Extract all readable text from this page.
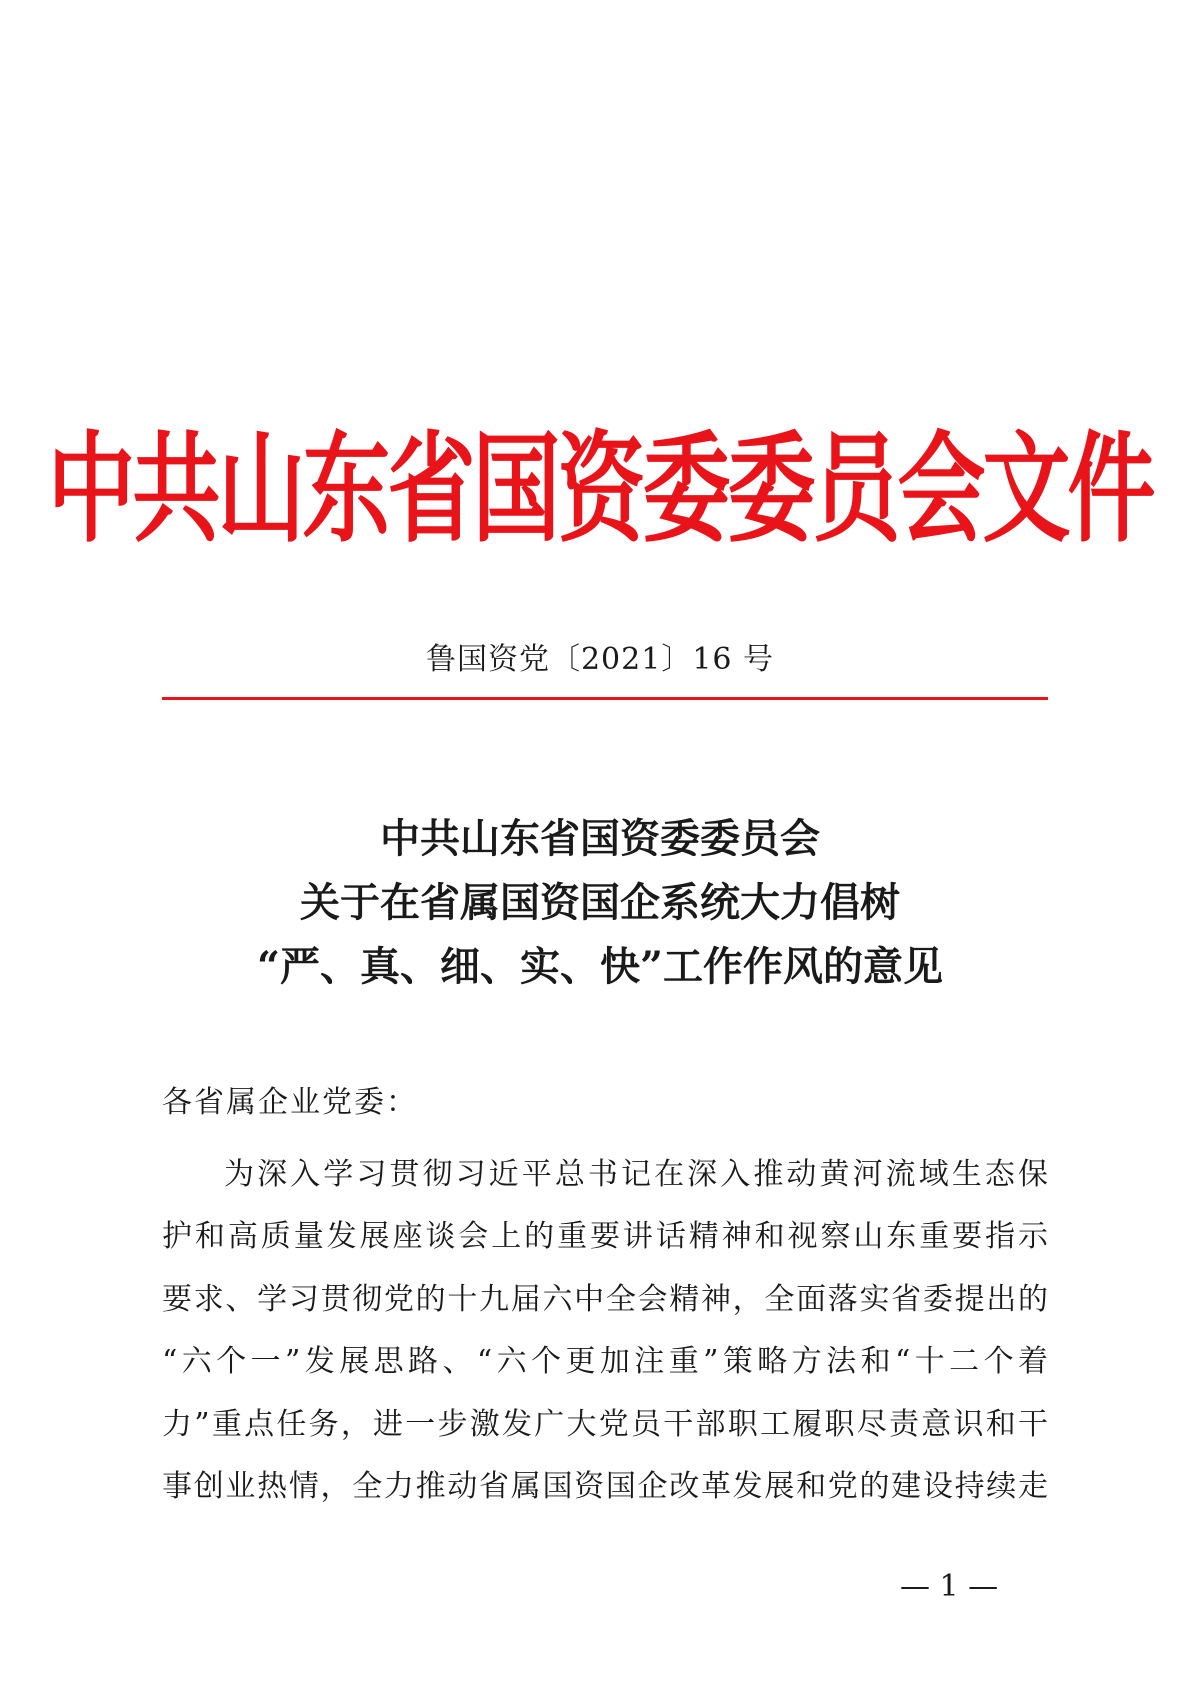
中共山东省国资委委员会文件
鲁国资党〔2021〕16 号
中共山东省国资委委员会
关于在省属国资国企系统大力倡树
“严、真、细、实、快”工作作风的意见
各省属企业党委：
为深入学习贯彻习近平总书记在深入推动黄河流域生态保
护和高质量发展座谈会上的重要讲话精神和视察山东重要指示
要求、学习贯彻党的十九届六中全会精神，全面落实省委提出的
“六个一”发展思路、“六个更加注重”策略方法和“十二个着
力”重点任务，进一步激发广大党员干部职工履职尽责意识和干
事创业热情，全力推动省属国资国企改革发展和党的建设持续走
— 1 —
